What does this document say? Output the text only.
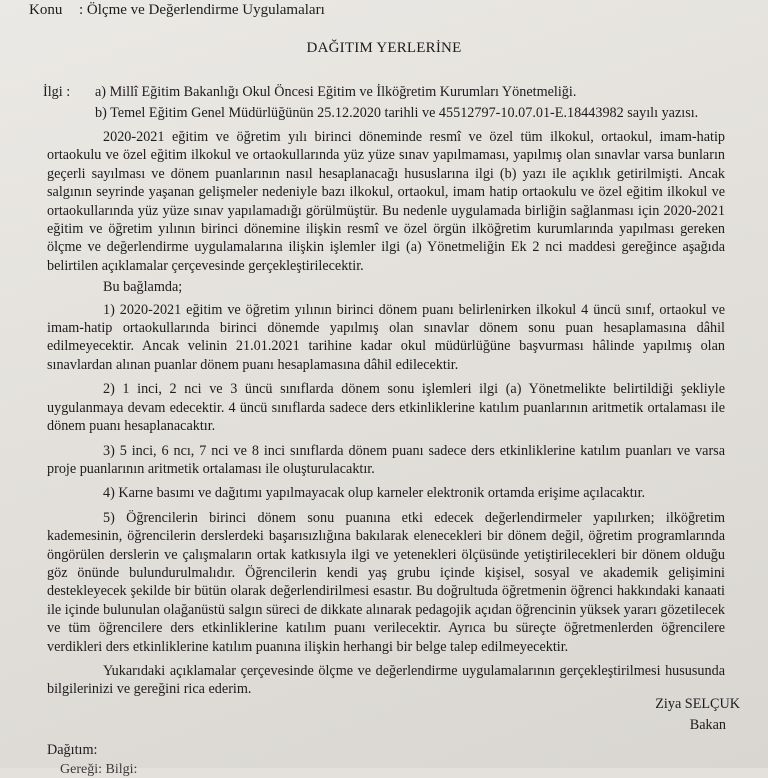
Konu : Ölçme ve Değerlendirme Uygulamaları
DAĞITIM YERLERİNE
İlgi : a) Millî Eğitim Bakanlığı Okul Öncesi Eğitim ve İlköğretim Kurumları Yönetmeliği.
b) Temel Eğitim Genel Müdürlüğünün 25.12.2020 tarihli ve 45512797-10.07.01-E.18443982 sayılı yazısı.

2020-2021 eğitim ve öğretim yılı birinci döneminde resmî ve özel tüm ilkokul, ortaokul, imam-hatip ortaokulu ve özel eğitim ilkokul ve ortaokullarında yüz yüze sınav yapılmaması, yapılmış olan sınavlar varsa bunların geçerli sayılması ve dönem puanlarının nasıl hesaplanacağı hususlarına ilgi (b) yazı ile açıklık getirilmişti. Ancak salgının seyrinde yaşanan gelişmeler nedeniyle bazı ilkokul, ortaokul, imam hatip ortaokulu ve özel eğitim ilkokul ve ortaokullarında yüz yüze sınav yapılamadığı görülmüştür. Bu nedenle uygulamada birliğin sağlanması için 2020-2021 eğitim ve öğretim yılının birinci dönemine ilişkin resmî ve özel örgün ilköğretim kurumlarında yapılması gereken ölçme ve değerlendirme uygulamalarına ilişkin işlemler ilgi (a) Yönetmeliğin Ek 2 nci maddesi gereğince aşağıda belirtilen açıklamalar çerçevesinde gerçekleştirilecektir.

Bu bağlamda;

1) 2020-2021 eğitim ve öğretim yılının birinci dönem puanı belirlenirken ilkokul 4 üncü sınıf, ortaokul ve imam-hatip ortaokullarında birinci dönemde yapılmış olan sınavlar dönem sonu puan hesaplamasına dâhil edilmeyecektir. Ancak velinin 21.01.2021 tarihine kadar okul müdürlüğüne başvurması hâlinde yapılmış olan sınavlardan alınan puanlar dönem puanı hesaplamasına dâhil edilecektir.

2) 1 inci, 2 nci ve 3 üncü sınıflarda dönem sonu işlemleri ilgi (a) Yönetmelikte belirtildiği şekliyle uygulanmaya devam edecektir. 4 üncü sınıflarda sadece ders etkinliklerine katılım puanlarının aritmetik ortalaması ile dönem puanı hesaplanacaktır.

3) 5 inci, 6 ncı, 7 nci ve 8 inci sınıflarda dönem puanı sadece ders etkinliklerine katılım puanları ve varsa proje puanlarının aritmetik ortalaması ile oluşturulacaktır.

4) Karne basımı ve dağıtımı yapılmayacak olup karneler elektronik ortamda erişime açılacaktır.

5) Öğrencilerin birinci dönem sonu puanına etki edecek değerlendirmeler yapılırken; ilköğretim kademesinin, öğrencilerin derslerdeki başarısızlığına bakılarak elenecekleri bir dönem değil, öğretim programlarında öngörülen derslerin ve çalışmaların ortak katkısıyla ilgi ve yetenekleri ölçüsünde yetiştirilecekleri bir dönem olduğu göz önünde bulundurulmalıdır. Öğrencilerin kendi yaş grubu içinde kişisel, sosyal ve akademik gelişimini destekleyecek şekilde bir bütün olarak değerlendirilmesi esastır. Bu doğrultuda öğretmenin öğrenci hakkındaki kanaati ile içinde bulunulan olağanüstü salgın süreci de dikkate alınarak pedagojik açıdan öğrencinin yüksek yararı gözetilecek ve tüm öğrencilere ders etkinliklerine katılım puanı verilecektir. Ayrıca bu süreçte öğretmenlerden öğrencilere verdikleri ders etkinliklerine katılım puanına ilişkin herhangi bir belge talep edilmeyecektir.

Yukarıdaki açıklamalar çerçevesinde ölçme ve değerlendirme uygulamalarının gerçekleştirilmesi hususunda bilgilerinizi ve gereğini rica ederim.

Ziya SELÇUK
Bakan
Dağıtım:
Gereği: Bilgi:
